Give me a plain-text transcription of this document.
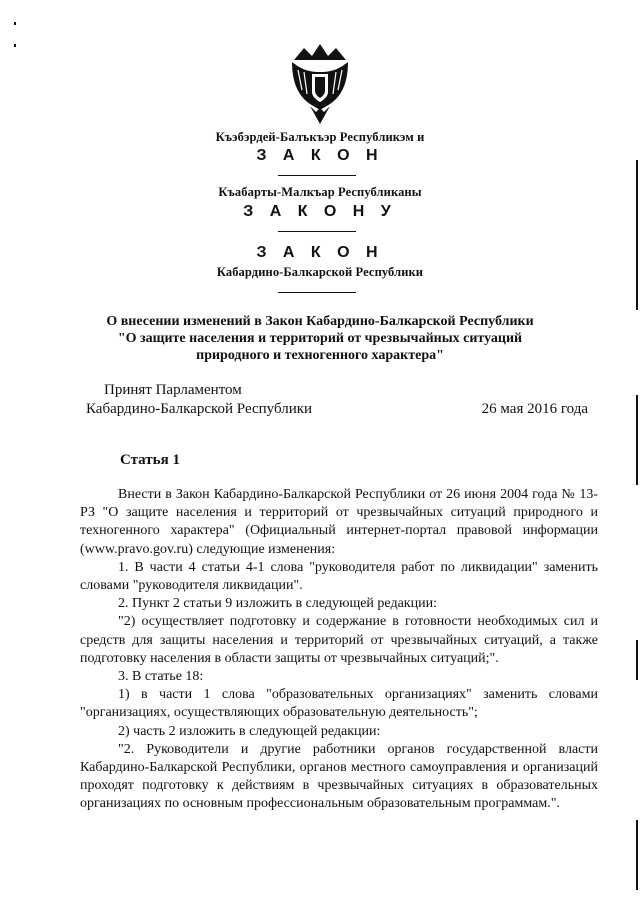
Къэбэрдей-Балъкъэр Республикэм и
З А К О Н
Къабарты-Малкъар Республиканы
З А К О Н У
З А К О Н
Кабардино-Балкарской Республики
О внесении изменений в Закон Кабардино-Балкарской Республики
"О защите населения и территорий от чрезвычайных ситуаций
природного и техногенного характера"
Принят Парламентом
Кабардино-Балкарской Республики	26 мая 2016 года
Статья 1

Внести в Закон Кабардино-Балкарской Республики от 26 июня 2004 года № 13-РЗ "О защите населения и территорий от чрезвычайных ситуаций природного и техногенного характера" (Официальный интернет-портал правовой информации (www.pravo.gov.ru) следующие изменения:

1. В части 4 статьи 4-1 слова "руководителя работ по ликвидации" заменить словами "руководителя ликвидации".

2. Пункт 2 статьи 9 изложить в следующей редакции:

"2) осуществляет подготовку и содержание в готовности необходимых сил и средств для защиты населения и территорий от чрезвычайных ситуаций, а также подготовку населения в области защиты от чрезвычайных ситуаций;".

3. В статье 18:

1) в части 1 слова "образовательных организациях" заменить словами "организациях, осуществляющих образовательную деятельность";

2) часть 2 изложить в следующей редакции:

"2. Руководители и другие работники органов государственной власти Кабардино-Балкарской Республики, органов местного самоуправления и организаций проходят подготовку к действиям в чрезвычайных ситуациях в образовательных организациях по основным профессиональным образовательным программам.".
